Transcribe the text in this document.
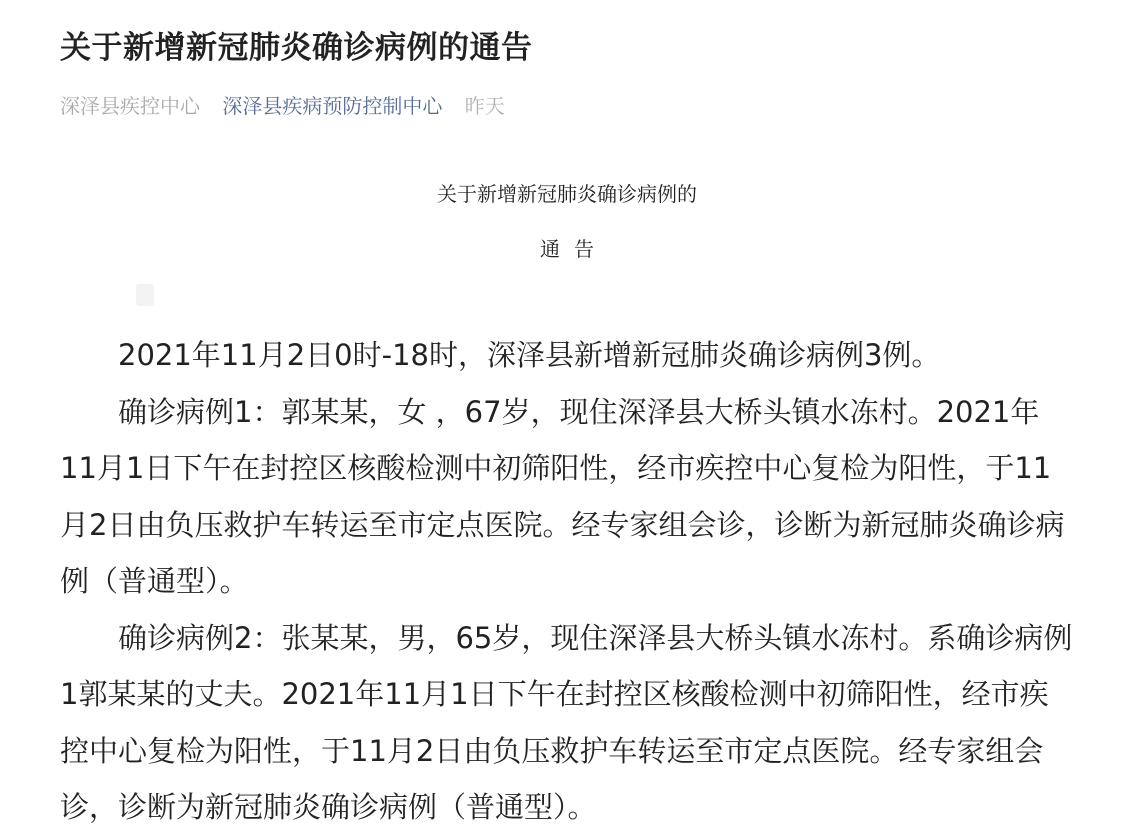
关于新增新冠肺炎确诊病例的通告
深泽县疾控中心 深泽县疾病预防控制中心 昨天
关于新增新冠肺炎确诊病例的
通告

2021年11月2日0时-18时，深泽县新增新冠肺炎确诊病例3例。

确诊病例1：郭某某，女 ，67岁，现住深泽县大桥头镇水冻村。2021年11月1日下午在封控区核酸检测中初筛阳性，经市疾控中心复检为阳性，于11月2日由负压救护车转运至市定点医院。经专家组会诊，诊断为新冠肺炎确诊病例（普通型）。

确诊病例2：张某某，男，65岁，现住深泽县大桥头镇水冻村。系确诊病例1郭某某的丈夫。2021年11月1日下午在封控区核酸检测中初筛阳性，经市疾控中心复检为阳性，于11月2日由负压救护车转运至市定点医院。经专家组会诊，诊断为新冠肺炎确诊病例（普通型）。
